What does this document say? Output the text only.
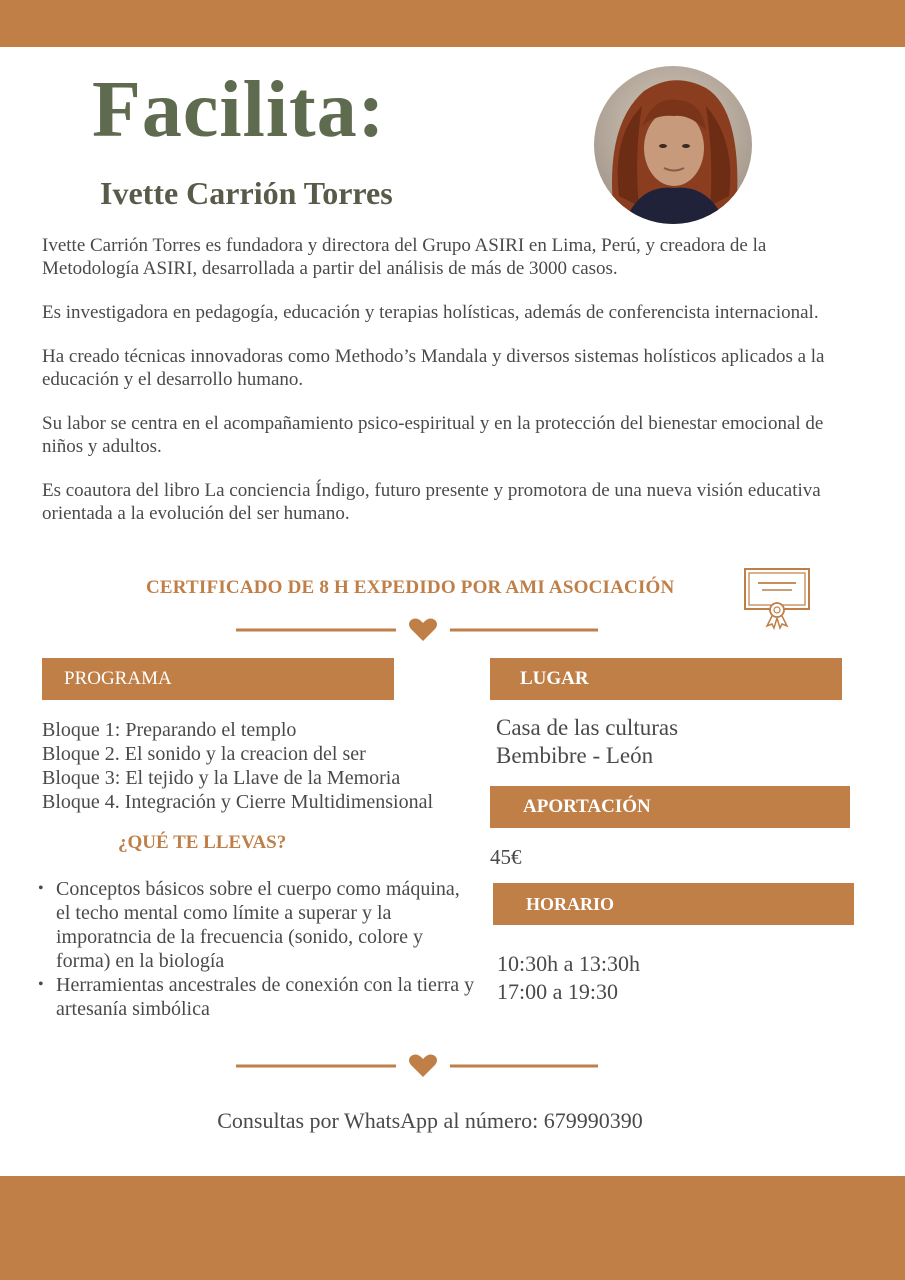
Facilita:
Ivette Carrión Torres

Ivette Carrión Torres es fundadora y directora del Grupo ASIRI en Lima, Perú, y creadora de la Metodología ASIRI, desarrollada a partir del análisis de más de 3000 casos.

Es investigadora en pedagogía, educación y terapias holísticas, además de conferencista internacional.

Ha creado técnicas innovadoras como Methodo’s Mandala y diversos sistemas holísticos aplicados a la educación y el desarrollo humano.

Su labor se centra en el acompañamiento psico-espiritual y en la protección del bienestar emocional de niños y adultos.

Es coautora del libro La conciencia Índigo, futuro presente y promotora de una nueva visión educativa orientada a la evolución del ser humano.

CERTIFICADO DE 8 H EXPEDIDO POR AMI ASOCIACIÓN
PROGRAMA
Bloque 1: Preparando el templo
Bloque 2. El sonido y la creacion del ser
Bloque 3: El tejido y la Llave de la Memoria
Bloque 4. Integración y Cierre Multidimensional
¿QUÉ TE LLEVAS?
• Conceptos básicos sobre el cuerpo como máquina, el techo mental como límite a superar y la imporatncia de la frecuencia (sonido, colore y forma) en la biología
• Herramientas ancestrales de conexión con la tierra y artesanía simbólica
LUGAR
Casa de las culturas
Bembibre - León
APORTACIÓN
45€
HORARIO
10:30h a 13:30h
17:00 a 19:30
Consultas por WhatsApp al número: 679990390
